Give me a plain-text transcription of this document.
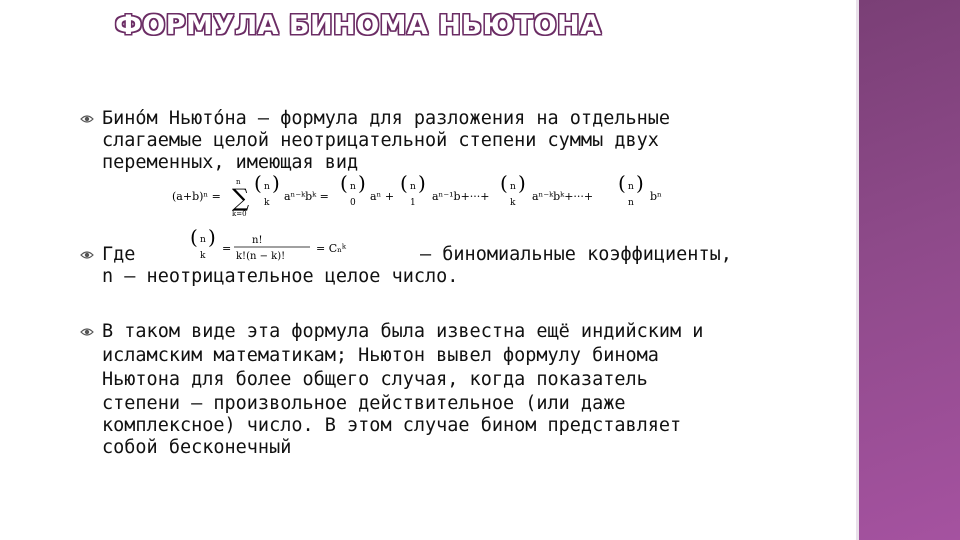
ФОРМУЛА БИНОМА НЬЮТОНА
Бино́м Ньюто́на — формула для разложения на отдельные
слагаемые целой неотрицательной степени суммы двух
переменных, имеющая вид
(a+b)ⁿ = ∑
n
k=0
( n
k
)
aⁿ⁻ᵏbᵏ =
( n
0
)
aⁿ +
( n
1
)
aⁿ⁻¹b+···+
( n
k
)
aⁿ⁻ᵏbᵏ+···+
( n
n
)
bⁿ
Где
( n
k
) =
n!
k!(n − k)!
= Cₙᵏ	— биномиальные коэффициенты,
n — неотрицательное целое число.
В таком виде эта формула была известна ещё индийским и
исламским математикам; Ньютон вывел формулу бинома
Ньютона для более общего случая, когда показатель
степени — произвольное действительное (или даже
комплексное) число. В этом случае бином представляет
собой бесконечный
